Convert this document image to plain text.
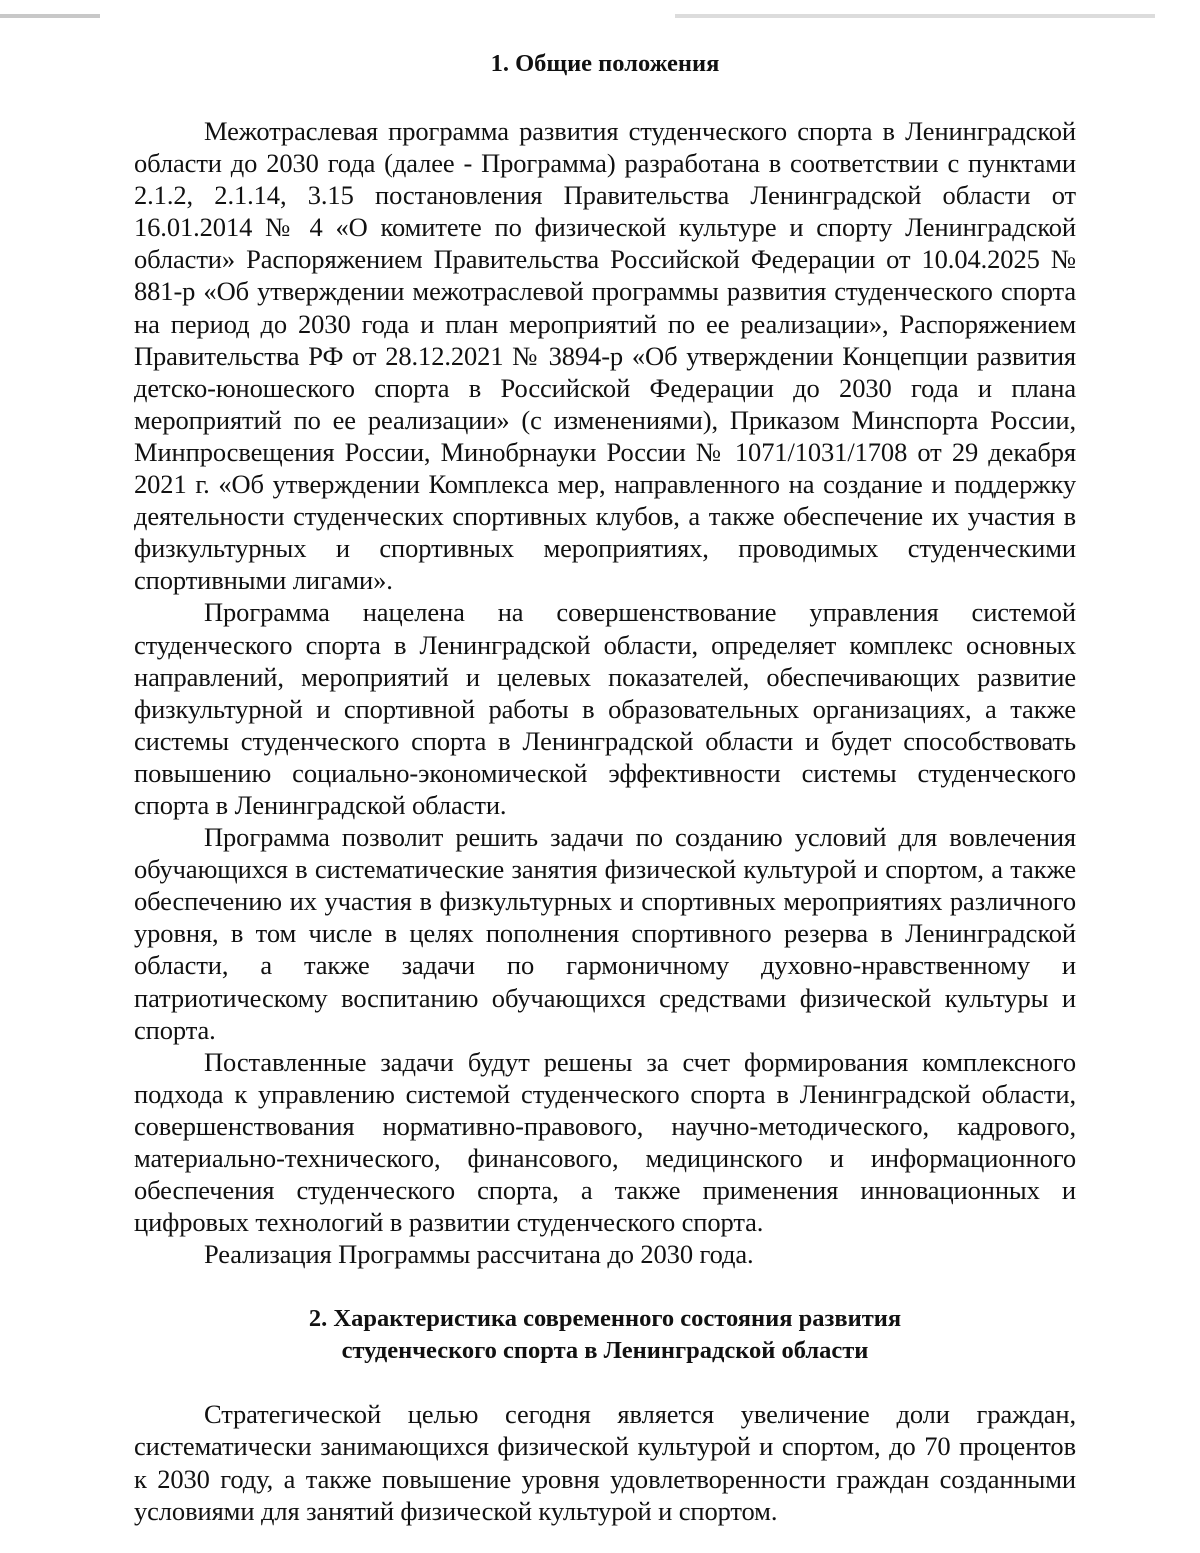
1. Общие положения

Межотраслевая программа развития студенческого спорта в Ленинградской области до 2030 года (далее - Программа) разработана в соответствии с пунктами 2.1.2, 2.1.14, 3.15 постановления Правительства Ленинградской области от 16.01.2014 № 4 «О комитете по физической культуре и спорту Ленинградской области» Распоряжением Правительства Российской Федерации от 10.04.2025 № 881-р «Об утверждении межотраслевой программы развития студенческого спорта на период до 2030 года и план мероприятий по ее реализации», Распоряжением Правительства РФ от 28.12.2021 № 3894-р «Об утверждении Концепции развития детско-юношеского спорта в Российской Федерации до 2030 года и плана мероприятий по ее реализации» (с изменениями), Приказом Минспорта России, Минпросвещения России, Минобрнауки России № 1071/1031/1708 от 29 декабря 2021 г. «Об утверждении Комплекса мер, направленного на создание и поддержку деятельности студенческих спортивных клубов, а также обеспечение их участия в физкультурных и спортивных мероприятиях, проводимых студенческими спортивными лигами».

Программа нацелена на совершенствование управления системой студенческого спорта в Ленинградской области, определяет комплекс основных направлений, мероприятий и целевых показателей, обеспечивающих развитие физкультурной и спортивной работы в образовательных организациях, а также системы студенческого спорта в Ленинградской области и будет способствовать повышению социально-экономической эффективности системы студенческого спорта в Ленинградской области.

Программа позволит решить задачи по созданию условий для вовлечения обучающихся в систематические занятия физической культурой и спортом, а также обеспечению их участия в физкультурных и спортивных мероприятиях различного уровня, в том числе в целях пополнения спортивного резерва в Ленинградской области, а также задачи по гармоничному духовно-нравственному и патриотическому воспитанию обучающихся средствами физической культуры и спорта.

Поставленные задачи будут решены за счет формирования комплексного подхода к управлению системой студенческого спорта в Ленинградской области, совершенствования нормативно-правового, научно-методического, кадрового, материально-технического, финансового, медицинского и информационного обеспечения студенческого спорта, а также применения инновационных и цифровых технологий в развитии студенческого спорта.

Реализация Программы рассчитана до 2030 года.

2. Характеристика современного состояния развития
студенческого спорта в Ленинградской области

Стратегической целью сегодня является увеличение доли граждан, систематически занимающихся физической культурой и спортом, до 70 процентов к 2030 году, а также повышение уровня удовлетворенности граждан созданными условиями для занятий физической культурой и спортом.
